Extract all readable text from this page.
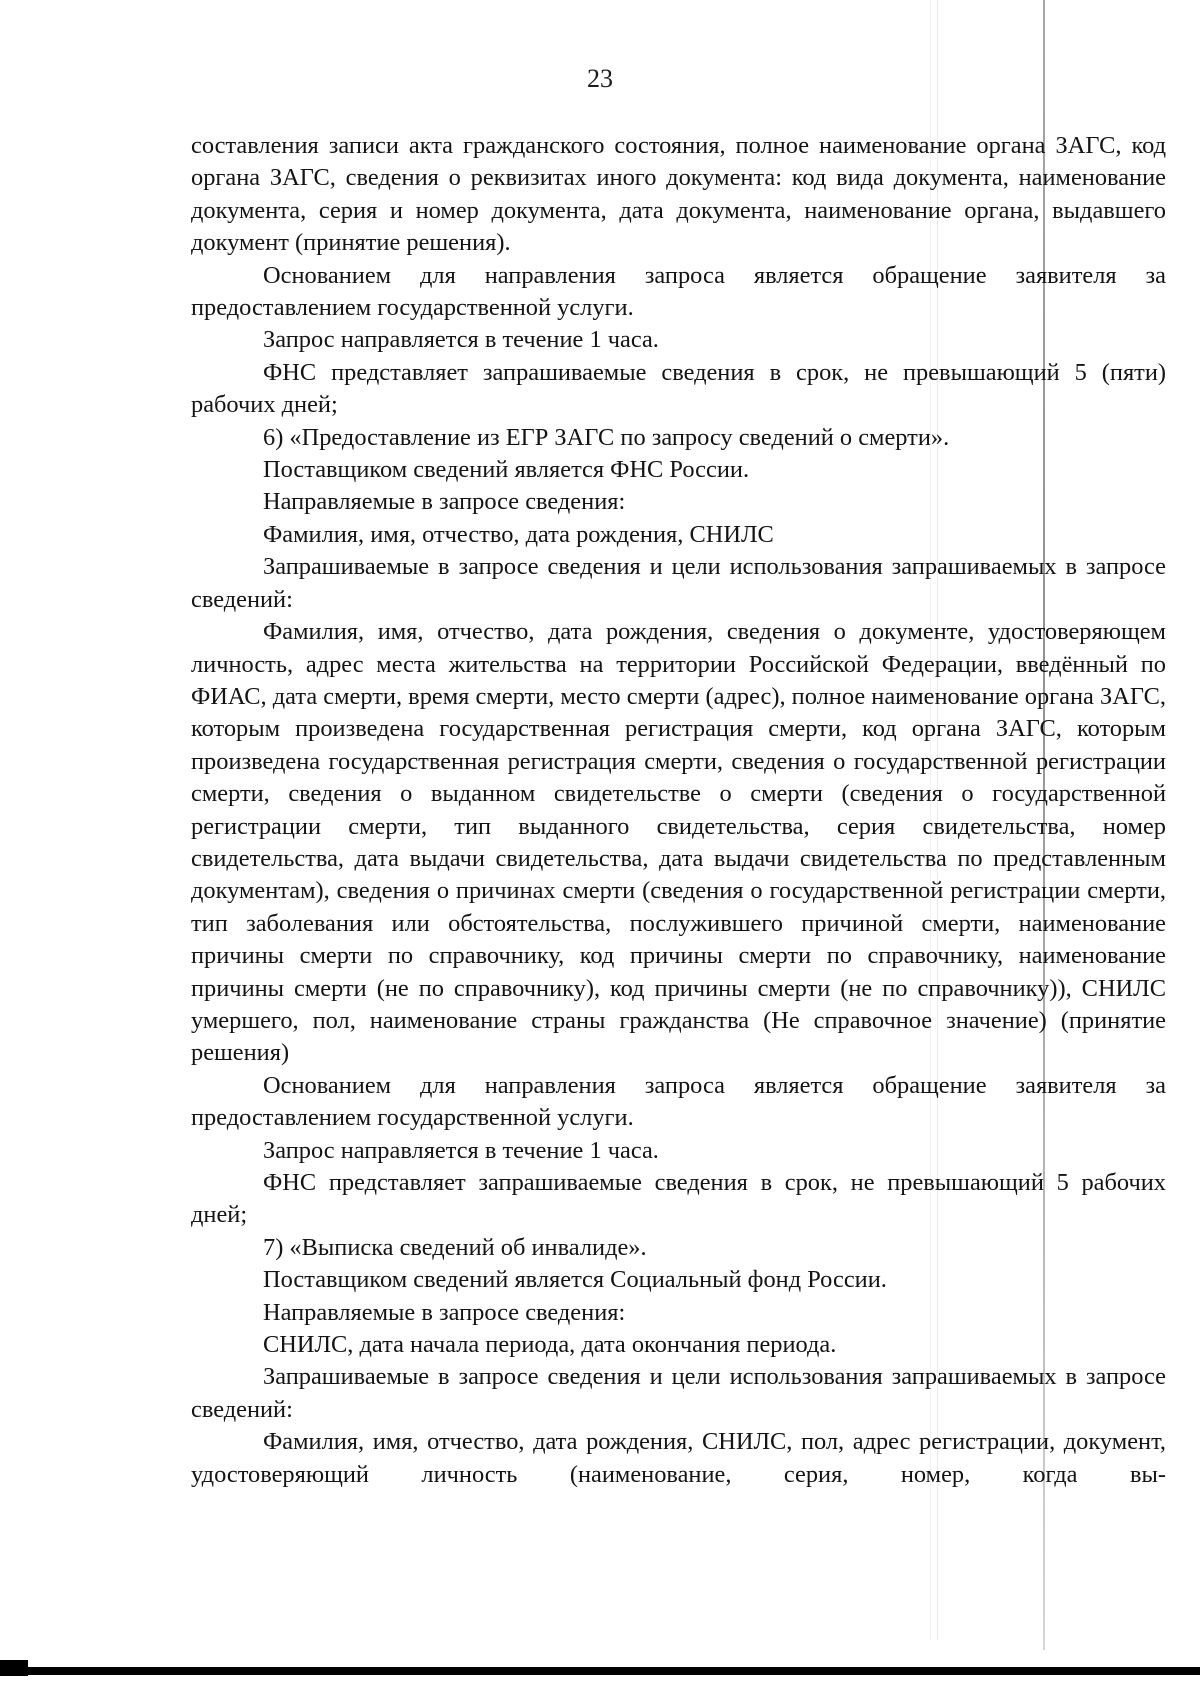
23

составления записи акта гражданского состояния, полное наименование органа ЗАГС, код органа ЗАГС, сведения о реквизитах иного документа: код вида документа, наименование документа, серия и номер документа, дата документа, наименование органа, выдавшего документ (принятие решения).

Основанием для направления запроса является обращение заявителя за предоставлением государственной услуги.

Запрос направляется в течение 1 часа.

ФНС представляет запрашиваемые сведения в срок, не превышающий 5 (пяти) рабочих дней;

6) «Предоставление из ЕГР ЗАГС по запросу сведений о смерти».

Поставщиком сведений является ФНС России.

Направляемые в запросе сведения:

Фамилия, имя, отчество, дата рождения, СНИЛС

Запрашиваемые в запросе сведения и цели использования запрашиваемых в запросе сведений:

Фамилия, имя, отчество, дата рождения, сведения о документе, удостоверяющем личность, адрес места жительства на территории Российской Федерации, введённый по ФИАС, дата смерти, время смерти, место смерти (адрес), полное наименование органа ЗАГС, которым произведена государственная регистрация смерти, код органа ЗАГС, которым произведена государственная регистрация смерти, сведения о государственной регистрации смерти, сведения о выданном свидетельстве о смерти (сведения о государственной регистрации смерти, тип выданного свидетельства, серия свидетельства, номер свидетельства, дата выдачи свидетельства, дата выдачи свидетельства по представленным документам), сведения о причинах смерти (сведения о государственной регистрации смерти, тип заболевания или обстоятельства, послужившего причиной смерти, наименование причины смерти по справочнику, код причины смерти по справочнику, наименование причины смерти (не по справочнику), код причины смерти (не по справочнику)), СНИЛС умершего, пол, наименование страны гражданства (Не справочное значение) (принятие решения)

Основанием для направления запроса является обращение заявителя за предоставлением государственной услуги.

Запрос направляется в течение 1 часа.

ФНС представляет запрашиваемые сведения в срок, не превышающий 5 рабочих дней;

7) «Выписка сведений об инвалиде».

Поставщиком сведений является Социальный фонд России.

Направляемые в запросе сведения:

СНИЛС, дата начала периода, дата окончания периода.

Запрашиваемые в запросе сведения и цели использования запрашиваемых в запросе сведений:

Фамилия, имя, отчество, дата рождения, СНИЛС, пол, адрес регистрации, документ, удостоверяющий личность (наименование, серия, номер, когда вы-
